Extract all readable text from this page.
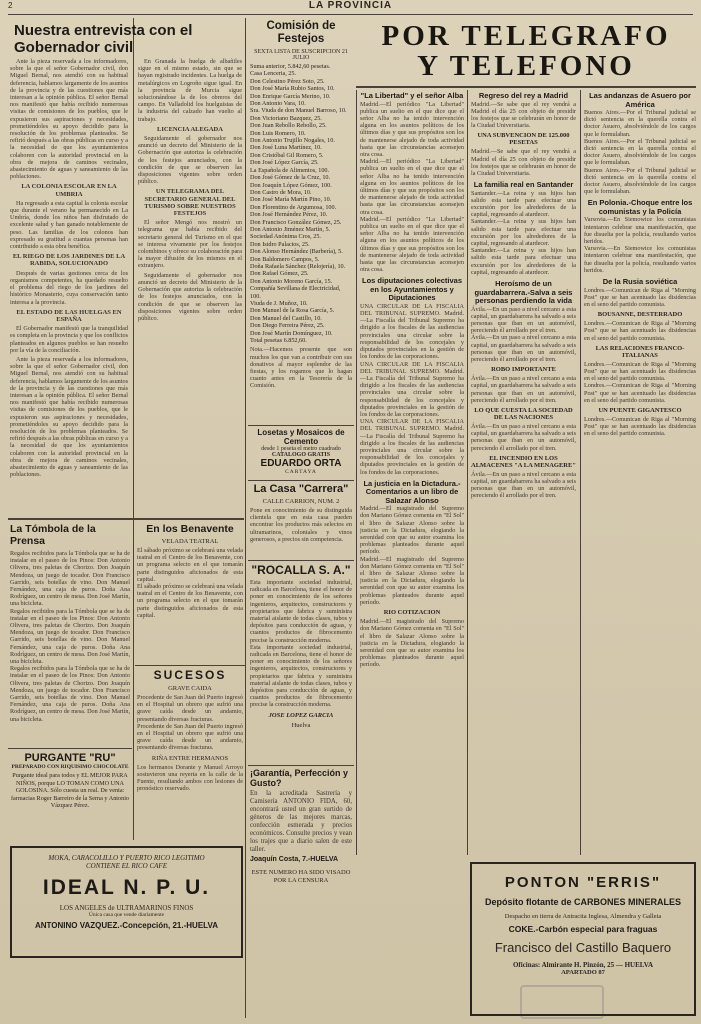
2	LA PROVINCIA
Nuestra entrevista con el Gobernador civil

Ante la pieza reservada a los informadores, sobre la que el señor Gobernador civil, don Miguel Bernal, nos atendió con su habitual deferencia, hablamos largamente de los asuntos de la provincia y de las cuestiones que más interesan a la opinión pública. El señor Bernal nos manifestó que había recibido numerosas visitas de comisiones de los pueblos, que le expusieron sus aspiraciones y necesidades, prometiéndoles su apoyo decidido para la resolución de los problemas planteados. Se refirió después a las obras públicas en curso y a la necesidad de que los ayuntamientos colaboren con la autoridad provincial en la obra de mejora de caminos vecinales, abastecimiento de aguas y saneamiento de las poblaciones.

LA COLONIA ESCOLAR EN LA UMBRIA

Ha regresado a esta capital la colonia escolar que durante el verano ha permanecido en La Umbría, donde los niños han disfrutado de excelente salud y han ganado notablemente de peso. Las familias de los colonos han expresado su gratitud a cuantas personas han contribuido a esta obra benéfica.

EL RIEGO DE LOS JARDINES DE LA RABIDA, SOLUCIONADO

Después de varias gestiones cerca de los organismos competentes, ha quedado resuelto el problema del riego de los jardines del histórico Monasterio, cuya conservación tanto interesa a la provincia.

EL ESTADO DE LAS HUELGAS EN ESPAÑA

El Gobernador manifestó que la tranquilidad es completa en la provincia y que los conflictos planteados en algunos pueblos se han resuelto por la vía de la conciliación.

Ante la pieza reservada a los informadores, sobre la que el señor Gobernador civil, don Miguel Bernal, nos atendió con su habitual deferencia, hablamos largamente de los asuntos de la provincia y de las cuestiones que más interesan a la opinión pública. El señor Bernal nos manifestó que había recibido numerosas visitas de comisiones de los pueblos, que le expusieron sus aspiraciones y necesidades, prometiéndoles su apoyo decidido para la resolución de los problemas planteados. Se refirió después a las obras públicas en curso y a la necesidad de que los ayuntamientos colaboren con la autoridad provincial en la obra de mejora de caminos vecinales, abastecimiento de aguas y saneamiento de las poblaciones.

En Granada la huelga de albañiles sigue en el mismo estado, sin que se hayan registrado incidentes. La huelga de metalúrgicos en Logroño sigue igual. En la provincia de Murcia sigue solucionándose la de los obreros del campo. En Valladolid los huelguistas de la industria del calzado han vuelto al trabajo.

LICENCIA ALEGADA

Seguidamente el gobernador nos anunció un decreto del Ministerio de la Gobernación que autoriza la celebración de los festejos anunciados, con la condición de que se observen las disposiciones vigentes sobre orden público.

UN TELEGRAMA DEL SECRETARIO GENERAL DEL TURISMO SOBRE NUESTROS FESTEJOS

El señor Mengó nos mostró un telegrama que había recibido del secretario general del Turismo en el que se interesa vivamente por los festejos colombinos y ofrece su colaboración para la mayor difusión de los mismos en el extranjero.

Seguidamente el gobernador nos anunció un decreto del Ministerio de la Gobernación que autoriza la celebración de los festejos anunciados, con la condición de que se observen las disposiciones vigentes sobre orden público.

Comisión de Festejos
SEXTA LISTA DE SUSCRIPCION 21 JULIO
Suma anterior, 5.842,60 pesetas.
Casa Lenceria, 25.
Don Celestino Pérez Soto, 25.
Don José María Rubio Santos, 10.
Don Enrique García Merino, 10.
Don Antonio Vara, 10.
Sra. Viuda de don Manuel Barroso, 10.
Don Victoriano Bazquez, 25.
Don Juan Rebollo Rebollo, 25.
Don Luis Romero, 10.
Don Antonio Trujillo Nogales, 10.
Don José Luna Martínez, 10.
Don Cristóbal Gil Romero, 5.
Don José López García, 25.
La Española de Alimentos, 100.
Don José Gómez de la Cruz, 10.
Don Joaquín López Gómez, 100.
Don Castro de Mora, 10.
Don José María Martín Pino, 10.
Don Florentino de Argumosa, 100.
Don José Hernández Pérez, 10.
Don Francisco González Gómez, 25.
Don Antonio Jiménez Martín, 5.
Sociedad Anónima Cros, 25.
Don Isidro Palacios, 25.
Don Alonso Hernández (Barbería), 5.
Don Baldomero Campos, 5.
Doña Rafaela Sánchez (Relojería), 10.
Don Rafael Gómez, 25.
Don Antonio Moreno García, 15.
Compañía Sevillana de Electricidad, 100.
Viuda de J. Muñoz, 10.
Don Manuel de la Rosa García, 5.
Don Manuel del Castillo, 10.
Don Diego Ferreira Pérez, 25.
Don José Martín Domínguez, 10.
Total pesetas 6.852,60.
Nota.—Hacemos presente que son muchos los que van a contribuir con sus donativos al mayor esplendor de las fiestas, y los rogamos que lo hagan cuanto antes en la Tesorería de la Comisión.
Losetas y Mosaicos de Cemento
desde 1 peseta el metro cuadrado
CATALOGO GRATIS
EDUARDO ORTA
CARTAYA
La Casa "Carrera"
CALLE CARRION, NUM. 2
Pone en conocimiento de su distinguida clientela que en esta casa pueden encontrar los productos más selectos en ultramarinos, coloniales y vinos generosos, a precios sin competencia.
"ROCALLA S. A."
Esta importante sociedad industrial, radicada en Barcelona, tiene el honor de poner en conocimiento de los señores ingenieros, arquitectos, constructores y propietarios que fabrica y suministra material aislante de todas clases, tubos y depósitos para conducción de aguas, y cuantos productos de fibrocemento precise la construcción moderna.
Esta importante sociedad industrial, radicada en Barcelona, tiene el honor de poner en conocimiento de los señores ingenieros, arquitectos, constructores y propietarios que fabrica y suministra material aislante de todas clases, tubos y depósitos para conducción de aguas, y cuantos productos de fibrocemento precise la construcción moderna.
JOSE LOPEZ GARCIA
Huelva
¡Garantía, Perfección y Gusto?
En la acreditada Sastrería y Camisería ANTONIO FIDA, 60, encontrará usted un gran surtido de géneros de las mejores marcas, confección esmerada y precios económicos. Consulte precios y vean los trajes que a diario salen de este taller.
Joaquín Costa, 7.-HUELVA
ESTE NUMERO HA SIDO VISADO POR LA CENSURA
POR TELEGRAFO
Y TELEFONO
"La Libertad" y el señor Alba
Madrid.—El periódico "La Libertad" publica un suelto en el que dice que el señor Alba no ha tenido intervención alguna en los asuntos políticos de los últimos días y que sus propósitos son los de mantenerse alejado de toda actividad hasta que las circunstancias aconsejen otra cosa.
Madrid.—El periódico "La Libertad" publica un suelto en el que dice que el señor Alba no ha tenido intervención alguna en los asuntos políticos de los últimos días y que sus propósitos son los de mantenerse alejado de toda actividad hasta que las circunstancias aconsejen otra cosa.
Madrid.—El periódico "La Libertad" publica un suelto en el que dice que el señor Alba no ha tenido intervención alguna en los asuntos políticos de los últimos días y que sus propósitos son los de mantenerse alejado de toda actividad hasta que las circunstancias aconsejen otra cosa.
Los diputaciones colectivas en los Ayuntamientos y Diputaciones
UNA CIRCULAR DE LA FISCALIA DEL TRIBUNAL SUPREMO. Madrid.—La Fiscalía del Tribunal Supremo ha dirigido a los fiscales de las audiencias provinciales una circular sobre la responsabilidad de los concejales y diputados provinciales en la gestión de los fondos de las corporaciones.
UNA CIRCULAR DE LA FISCALIA DEL TRIBUNAL SUPREMO. Madrid.—La Fiscalía del Tribunal Supremo ha dirigido a los fiscales de las audiencias provinciales una circular sobre la responsabilidad de los concejales y diputados provinciales en la gestión de los fondos de las corporaciones.
UNA CIRCULAR DE LA FISCALIA DEL TRIBUNAL SUPREMO. Madrid.—La Fiscalía del Tribunal Supremo ha dirigido a los fiscales de las audiencias provinciales una circular sobre la responsabilidad de los concejales y diputados provinciales en la gestión de los fondos de las corporaciones.
La justicia en la Dictadura.-Comentarios a un libro de Salazar Alonso
Madrid.—El magistrado del Supremo don Mariano Gómez comenta en "El Sol" el libro de Salazar Alonso sobre la justicia en la Dictadura, elogiando la serenidad con que su autor examina los problemas planteados durante aquel período.
Madrid.—El magistrado del Supremo don Mariano Gómez comenta en "El Sol" el libro de Salazar Alonso sobre la justicia en la Dictadura, elogiando la serenidad con que su autor examina los problemas planteados durante aquel período.
RIO COTIZACION
Madrid.—El magistrado del Supremo don Mariano Gómez comenta en "El Sol" el libro de Salazar Alonso sobre la justicia en la Dictadura, elogiando la serenidad con que su autor examina los problemas planteados durante aquel período.
Regreso del rey a Madrid
Madrid.—Se sabe que el rey vendrá a Madrid el día 25 con objeto de presidir los festejos que se celebrarán en honor de la Ciudad Universitaria.
UNA SUBVENCION DE 125.000 PESETAS
Madrid.—Se sabe que el rey vendrá a Madrid el día 25 con objeto de presidir los festejos que se celebrarán en honor de la Ciudad Universitaria.
La familia real en Santander
Santander.—La reina y sus hijos han salido esta tarde para efectuar una excursión por los alrededores de la capital, regresando al atardecer.
Santander.—La reina y sus hijos han salido esta tarde para efectuar una excursión por los alrededores de la capital, regresando al atardecer.
Santander.—La reina y sus hijos han salido esta tarde para efectuar una excursión por los alrededores de la capital, regresando al atardecer.
Heroísmo de un guardabarrera.-Salva a seis personas perdiendo la vida
Ávila.—En un paso a nivel cercano a esta capital, un guardabarrera ha salvado a seis personas que iban en un automóvil, pereciendo él arrollado por el tren.
Ávila.—En un paso a nivel cercano a esta capital, un guardabarrera ha salvado a seis personas que iban en un automóvil, pereciendo él arrollado por el tren.
ROBO IMPORTANTE
Ávila.—En un paso a nivel cercano a esta capital, un guardabarrera ha salvado a seis personas que iban en un automóvil, pereciendo él arrollado por el tren.
LO QUE CUESTA LA SOCIEDAD DE LAS NACIONES
Ávila.—En un paso a nivel cercano a esta capital, un guardabarrera ha salvado a seis personas que iban en un automóvil, pereciendo él arrollado por el tren.
EL INCENDIO EN LOS ALMACENES "A LA MENAGERE"
Ávila.—En un paso a nivel cercano a esta capital, un guardabarrera ha salvado a seis personas que iban en un automóvil, pereciendo él arrollado por el tren.
Las andanzas de Asuero por América
Buenos Aires.—Por el Tribunal judicial se dictó sentencia en la querella contra el doctor Asuero, absolviéndole de los cargos que le formulaban.
Buenos Aires.—Por el Tribunal judicial se dictó sentencia en la querella contra el doctor Asuero, absolviéndole de los cargos que le formulaban.
Buenos Aires.—Por el Tribunal judicial se dictó sentencia en la querella contra el doctor Asuero, absolviéndole de los cargos que le formulaban.
En Polonia.-Choque entre los comunistas y la Policía
Varsovia.—En Siemowice los comunistas intentaron celebrar una manifestación, que fue disuelta por la policía, resultando varios heridos.
Varsovia.—En Siemowice los comunistas intentaron celebrar una manifestación, que fue disuelta por la policía, resultando varios heridos.
De la Rusia soviética
Londres.—Comunican de Riga al "Morning Post" que se han acentuado las disidencias en el seno del partido comunista.
BOUSANNE, DESTERRADO
Londres.—Comunican de Riga al "Morning Post" que se han acentuado las disidencias en el seno del partido comunista.
LAS RELACIONES FRANCO-ITALIANAS
Londres.—Comunican de Riga al "Morning Post" que se han acentuado las disidencias en el seno del partido comunista.
Londres.—Comunican de Riga al "Morning Post" que se han acentuado las disidencias en el seno del partido comunista.
UN PUENTE GIGANTESCO
Londres.—Comunican de Riga al "Morning Post" que se han acentuado las disidencias en el seno del partido comunista.
La Tómbola de la Prensa
Regalos recibidos para la Tómbola que se ha de instalar en el paseo de los Pinos: Don Antonio Olivera, tres paletas de Chorizo. Don Joaquín Mendoza, un juego de tocador. Don Francisco Garrido, seis botellas de vino. Don Manuel Fernández, una caja de puros. Doña Ana Rodríguez, un centro de mesa. Don José Martín, una bicicleta.
Regalos recibidos para la Tómbola que se ha de instalar en el paseo de los Pinos: Don Antonio Olivera, tres paletas de Chorizo. Don Joaquín Mendoza, un juego de tocador. Don Francisco Garrido, seis botellas de vino. Don Manuel Fernández, una caja de puros. Doña Ana Rodríguez, un centro de mesa. Don José Martín, una bicicleta.
Regalos recibidos para la Tómbola que se ha de instalar en el paseo de los Pinos: Don Antonio Olivera, tres paletas de Chorizo. Don Joaquín Mendoza, un juego de tocador. Don Francisco Garrido, seis botellas de vino. Don Manuel Fernández, una caja de puros. Doña Ana Rodríguez, un centro de mesa. Don José Martín, una bicicleta.
En los Benavente
VELADA TEATRAL
El sábado próximo se celebrará una velada teatral en el Centro de los Benavente, con un programa selecto en el que tomarán parte distinguidos aficionados de esta capital.
El sábado próximo se celebrará una velada teatral en el Centro de los Benavente, con un programa selecto en el que tomarán parte distinguidos aficionados de esta capital.
SUCESOS
GRAVE CAIDA
Procedente de San Juan del Puerto ingresó en el Hospital un obrero que sufrió una grave caída desde un andamio, presentando diversas fracturas.
Procedente de San Juan del Puerto ingresó en el Hospital un obrero que sufrió una grave caída desde un andamio, presentando diversas fracturas.
RIÑA ENTRE HERMANOS
Los hermanos Dorante y Manuel Arroyo sostuvieron una reyerta en la calle de la Fuente, resultando ambos con lesiones de pronóstico reservado.
PURGANTE "RU"
PREPARADO CON RIQUISIMO CHOCOLATE
Purgante ideal para todos y EL MEJOR PARA NIÑOS, porque LO TOMAN COMO UNA GOLOSINA. Sólo cuesta un real. De venta: farmacias Roger Barreiro de la Serna y Antonio Vázquez Pérez.
MOKA, CARACOLILLO Y PUERTO RICO LEGITIMO
CONTIENE EL RICO CAFE
IDEAL N. P. U.
LOS ANGELES de ULTRAMARINOS FINOS
Única casa que vende diariamente
ANTONINO VAZQUEZ.-Concepción, 21.-HUELVA
PONTON "ERRIS"
Depósito flotante de CARBONES MINERALES
Despacho en tierra de Antracita Inglesa, Almendra y Galleta
COKE.-Carbón especial para fraguas
Francisco del Castillo Baquero
Oficinas: Almirante H. Pinzón, 25 — HUELVA
APARTADO 87
